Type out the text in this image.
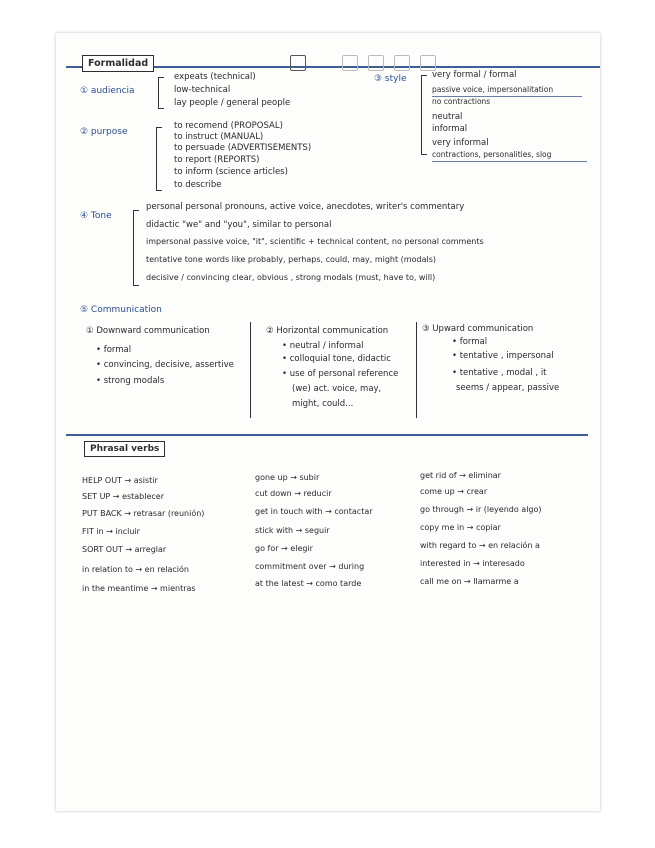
Formalidad
① audiencia
expeats (technical)
low-technical
lay people / general people
③ style	very formal / formal
passive voice, impersonalitation
no contractions
neutral
informal
very informal
contractions, personalities, slog
② purpose
to recomend (PROPOSAL)
to instruct (MANUAL)
to persuade (ADVERTISEMENTS)
to report (REPORTS)
to inform (science articles)
to describe
④ Tone
personal personal pronouns, active voice, anecdotes, writer's commentary
didactic "we" and "you", similar to personal
impersonal passive voice, "it", scientific + technical content, no personal comments
tentative tone words like probably, perhaps, could, may, might (modals)
decisive / convincing clear, obvious , strong modals (must, have to, will)
⑤ Communication
① Downward communication
• formal
• convincing, decisive, assertive
• strong modals
② Horizontal communication
• neutral / informal
• colloquial tone, didactic
• use of personal reference
(we) act. voice, may,
might, could...
③ Upward communication
• formal
• tentative , impersonal
• tentative , modal , it
seems / appear, passive
Phrasal verbs
HELP OUT → asistir
SET UP → establecer
PUT BACK → retrasar (reunión)
FIT in → incluir
SORT OUT → arreglar
in relation to → en relación
in the meantime → mientras
gone up → subir
cut down → reducir
get in touch with → contactar
stick with → seguir
go for → elegir
commitment over → during
at the latest → como tarde
get rid of → eliminar
come up → crear
go through → ir (leyendo algo)
copy me in → copiar
with regard to → en relación a
interested in → interesado
call me on → llamarme a
